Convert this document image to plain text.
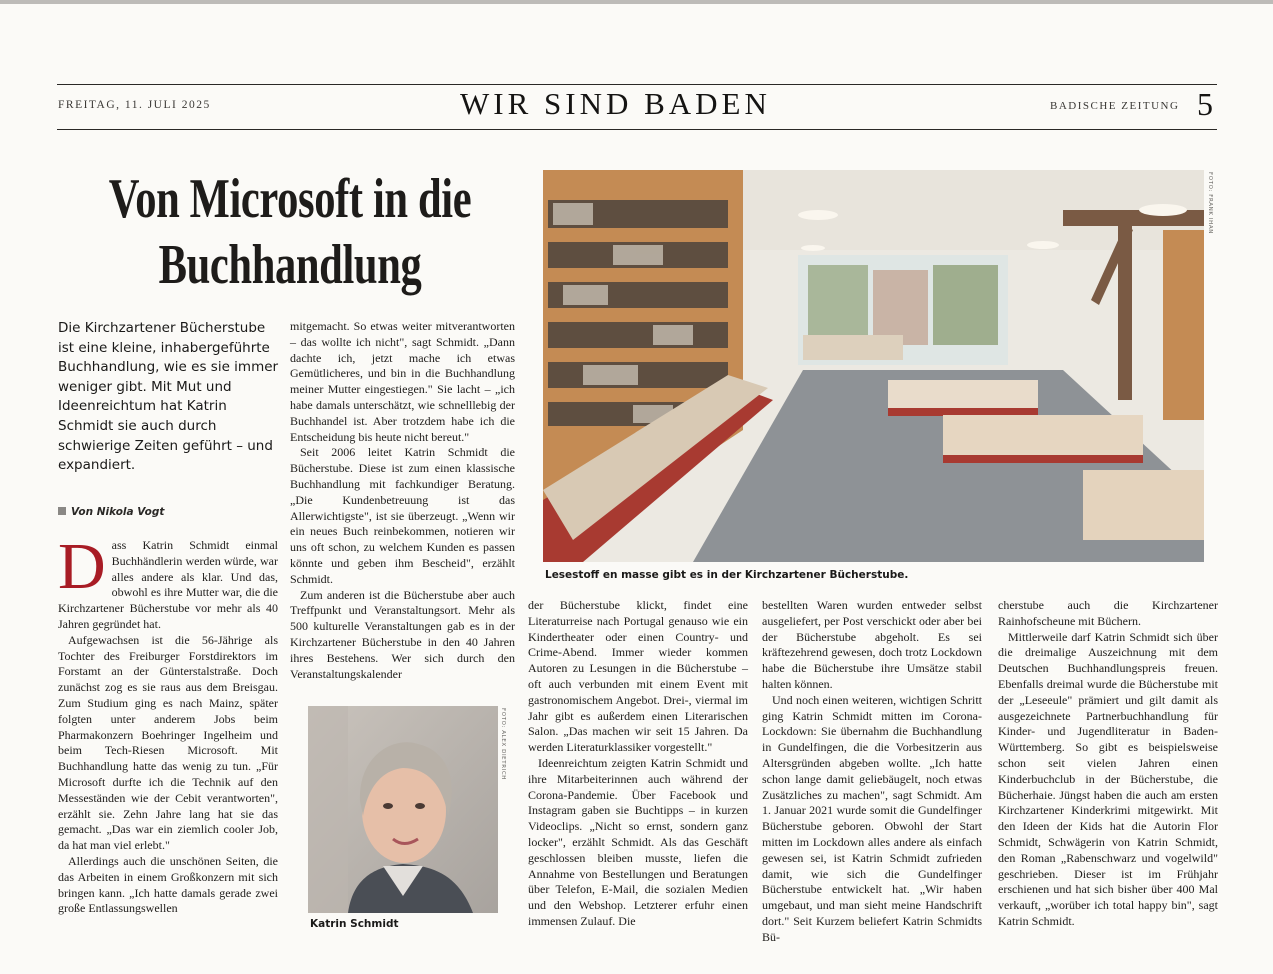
FREITAG, 11. JULI 2025	WIR SIND BADEN	BADISCHE ZEITUNG 5
Von Microsoft in die Buchhandlung
Die Kirchzartener Bücherstube ist eine kleine, inhabergeführte Buchhandlung, wie es sie immer weniger gibt. Mit Mut und Ideenreichtum hat Katrin Schmidt sie auch durch schwierige Zeiten geführt – und expandiert.
Von Nikola Vogt
D ass Katrin Schmidt einmal Buchhändlerin werden würde, war alles andere als klar. Und das, obwohl es ihre Mutter war, die die Kirchzartener Bücherstube vor mehr als 40 Jahren gegründet hat.

Aufgewachsen ist die 56-Jährige als Tochter des Freiburger Forstdirektors im Forstamt an der Günterstalstraße. Doch zunächst zog es sie raus aus dem Breisgau. Zum Studium ging es nach Mainz, später folgten unter anderem Jobs beim Pharmakonzern Boehringer Ingelheim und beim Tech-Riesen Microsoft. Mit Buchhandlung hatte das wenig zu tun. „Für Microsoft durfte ich die Technik auf den Messeständen wie der Cebit verantworten", erzählt sie. Zehn Jahre lang hat sie das gemacht. „Das war ein ziemlich cooler Job, da hat man viel erlebt."

Allerdings auch die unschönen Seiten, die das Arbeiten in einem Großkonzern mit sich bringen kann. „Ich hatte damals gerade zwei große Entlassungswellen

mitgemacht. So etwas weiter mitverantworten – das wollte ich nicht", sagt Schmidt. „Dann dachte ich, jetzt mache ich etwas Gemütlicheres, und bin in die Buchhandlung meiner Mutter eingestiegen." Sie lacht – „ich habe damals unterschätzt, wie schnelllebig der Buchhandel ist. Aber trotzdem habe ich die Entscheidung bis heute nicht bereut."

Seit 2006 leitet Katrin Schmidt die Bücherstube. Diese ist zum einen klassische Buchhandlung mit fachkundiger Beratung. „Die Kundenbetreuung ist das Allerwichtigste", ist sie überzeugt. „Wenn wir ein neues Buch reinbekommen, notieren wir uns oft schon, zu welchem Kunden es passen könnte und geben ihm Bescheid", erzählt Schmidt.

Zum anderen ist die Bücherstube aber auch Treffpunkt und Veranstaltungsort. Mehr als 500 kulturelle Veranstaltungen gab es in der Kirchzartener Bücherstube in den 40 Jahren ihres Bestehens. Wer sich durch den Veranstaltungskalender

FOTO: ALEX DIETRICH
Katrin Schmidt
FOTO: FRANK IHAN
Lesestoff en masse gibt es in der Kirchzartener Bücherstube.

der Bücherstube klickt, findet eine Literaturreise nach Portugal genauso wie ein Kindertheater oder einen Country- und Crime-Abend. Immer wieder kommen Autoren zu Lesungen in die Bücherstube – oft auch verbunden mit einem Event mit gastronomischem Angebot. Drei-, viermal im Jahr gibt es außerdem einen Literarischen Salon. „Das machen wir seit 15 Jahren. Da werden Literaturklassiker vorgestellt."

Ideenreichtum zeigten Katrin Schmidt und ihre Mitarbeiterinnen auch während der Corona-Pandemie. Über Facebook und Instagram gaben sie Buchtipps – in kurzen Videoclips. „Nicht so ernst, sondern ganz locker", erzählt Schmidt. Als das Geschäft geschlossen bleiben musste, liefen die Annahme von Bestellungen und Beratungen über Telefon, E-Mail, die sozialen Medien und den Webshop. Letzterer erfuhr einen immensen Zulauf. Die

bestellten Waren wurden entweder selbst ausgeliefert, per Post verschickt oder aber bei der Bücherstube abgeholt. Es sei kräftezehrend gewesen, doch trotz Lockdown habe die Bücherstube ihre Umsätze stabil halten können.

Und noch einen weiteren, wichtigen Schritt ging Katrin Schmidt mitten im Corona-Lockdown: Sie übernahm die Buchhandlung in Gundelfingen, die die Vorbesitzerin aus Altersgründen abgeben wollte. „Ich hatte schon lange damit geliebäugelt, noch etwas Zusätzliches zu machen", sagt Schmidt. Am 1. Januar 2021 wurde somit die Gundelfinger Bücherstube geboren. Obwohl der Start mitten im Lockdown alles andere als einfach gewesen sei, ist Katrin Schmidt zufrieden damit, wie sich die Gundelfinger Bücherstube entwickelt hat. „Wir haben umgebaut, und man sieht meine Handschrift dort." Seit Kurzem beliefert Katrin Schmidts Bü-

cherstube auch die Kirchzartener Rainhofscheune mit Büchern.

Mittlerweile darf Katrin Schmidt sich über die dreimalige Auszeichnung mit dem Deutschen Buchhandlungspreis freuen. Ebenfalls dreimal wurde die Bücherstube mit der „Leseeule" prämiert und gilt damit als ausgezeichnete Partnerbuchhandlung für Kinder- und Jugendliteratur in Baden-Württemberg. So gibt es beispielsweise schon seit vielen Jahren einen Kinderbuchclub in der Bücherstube, die Bücherhaie. Jüngst haben die auch am ersten Kirchzartener Kinderkrimi mitgewirkt. Mit den Ideen der Kids hat die Autorin Flor Schmidt, Schwägerin von Katrin Schmidt, den Roman „Rabenschwarz und vogelwild" geschrieben. Dieser ist im Frühjahr erschienen und hat sich bisher über 400 Mal verkauft, „worüber ich total happy bin", sagt Katrin Schmidt.
